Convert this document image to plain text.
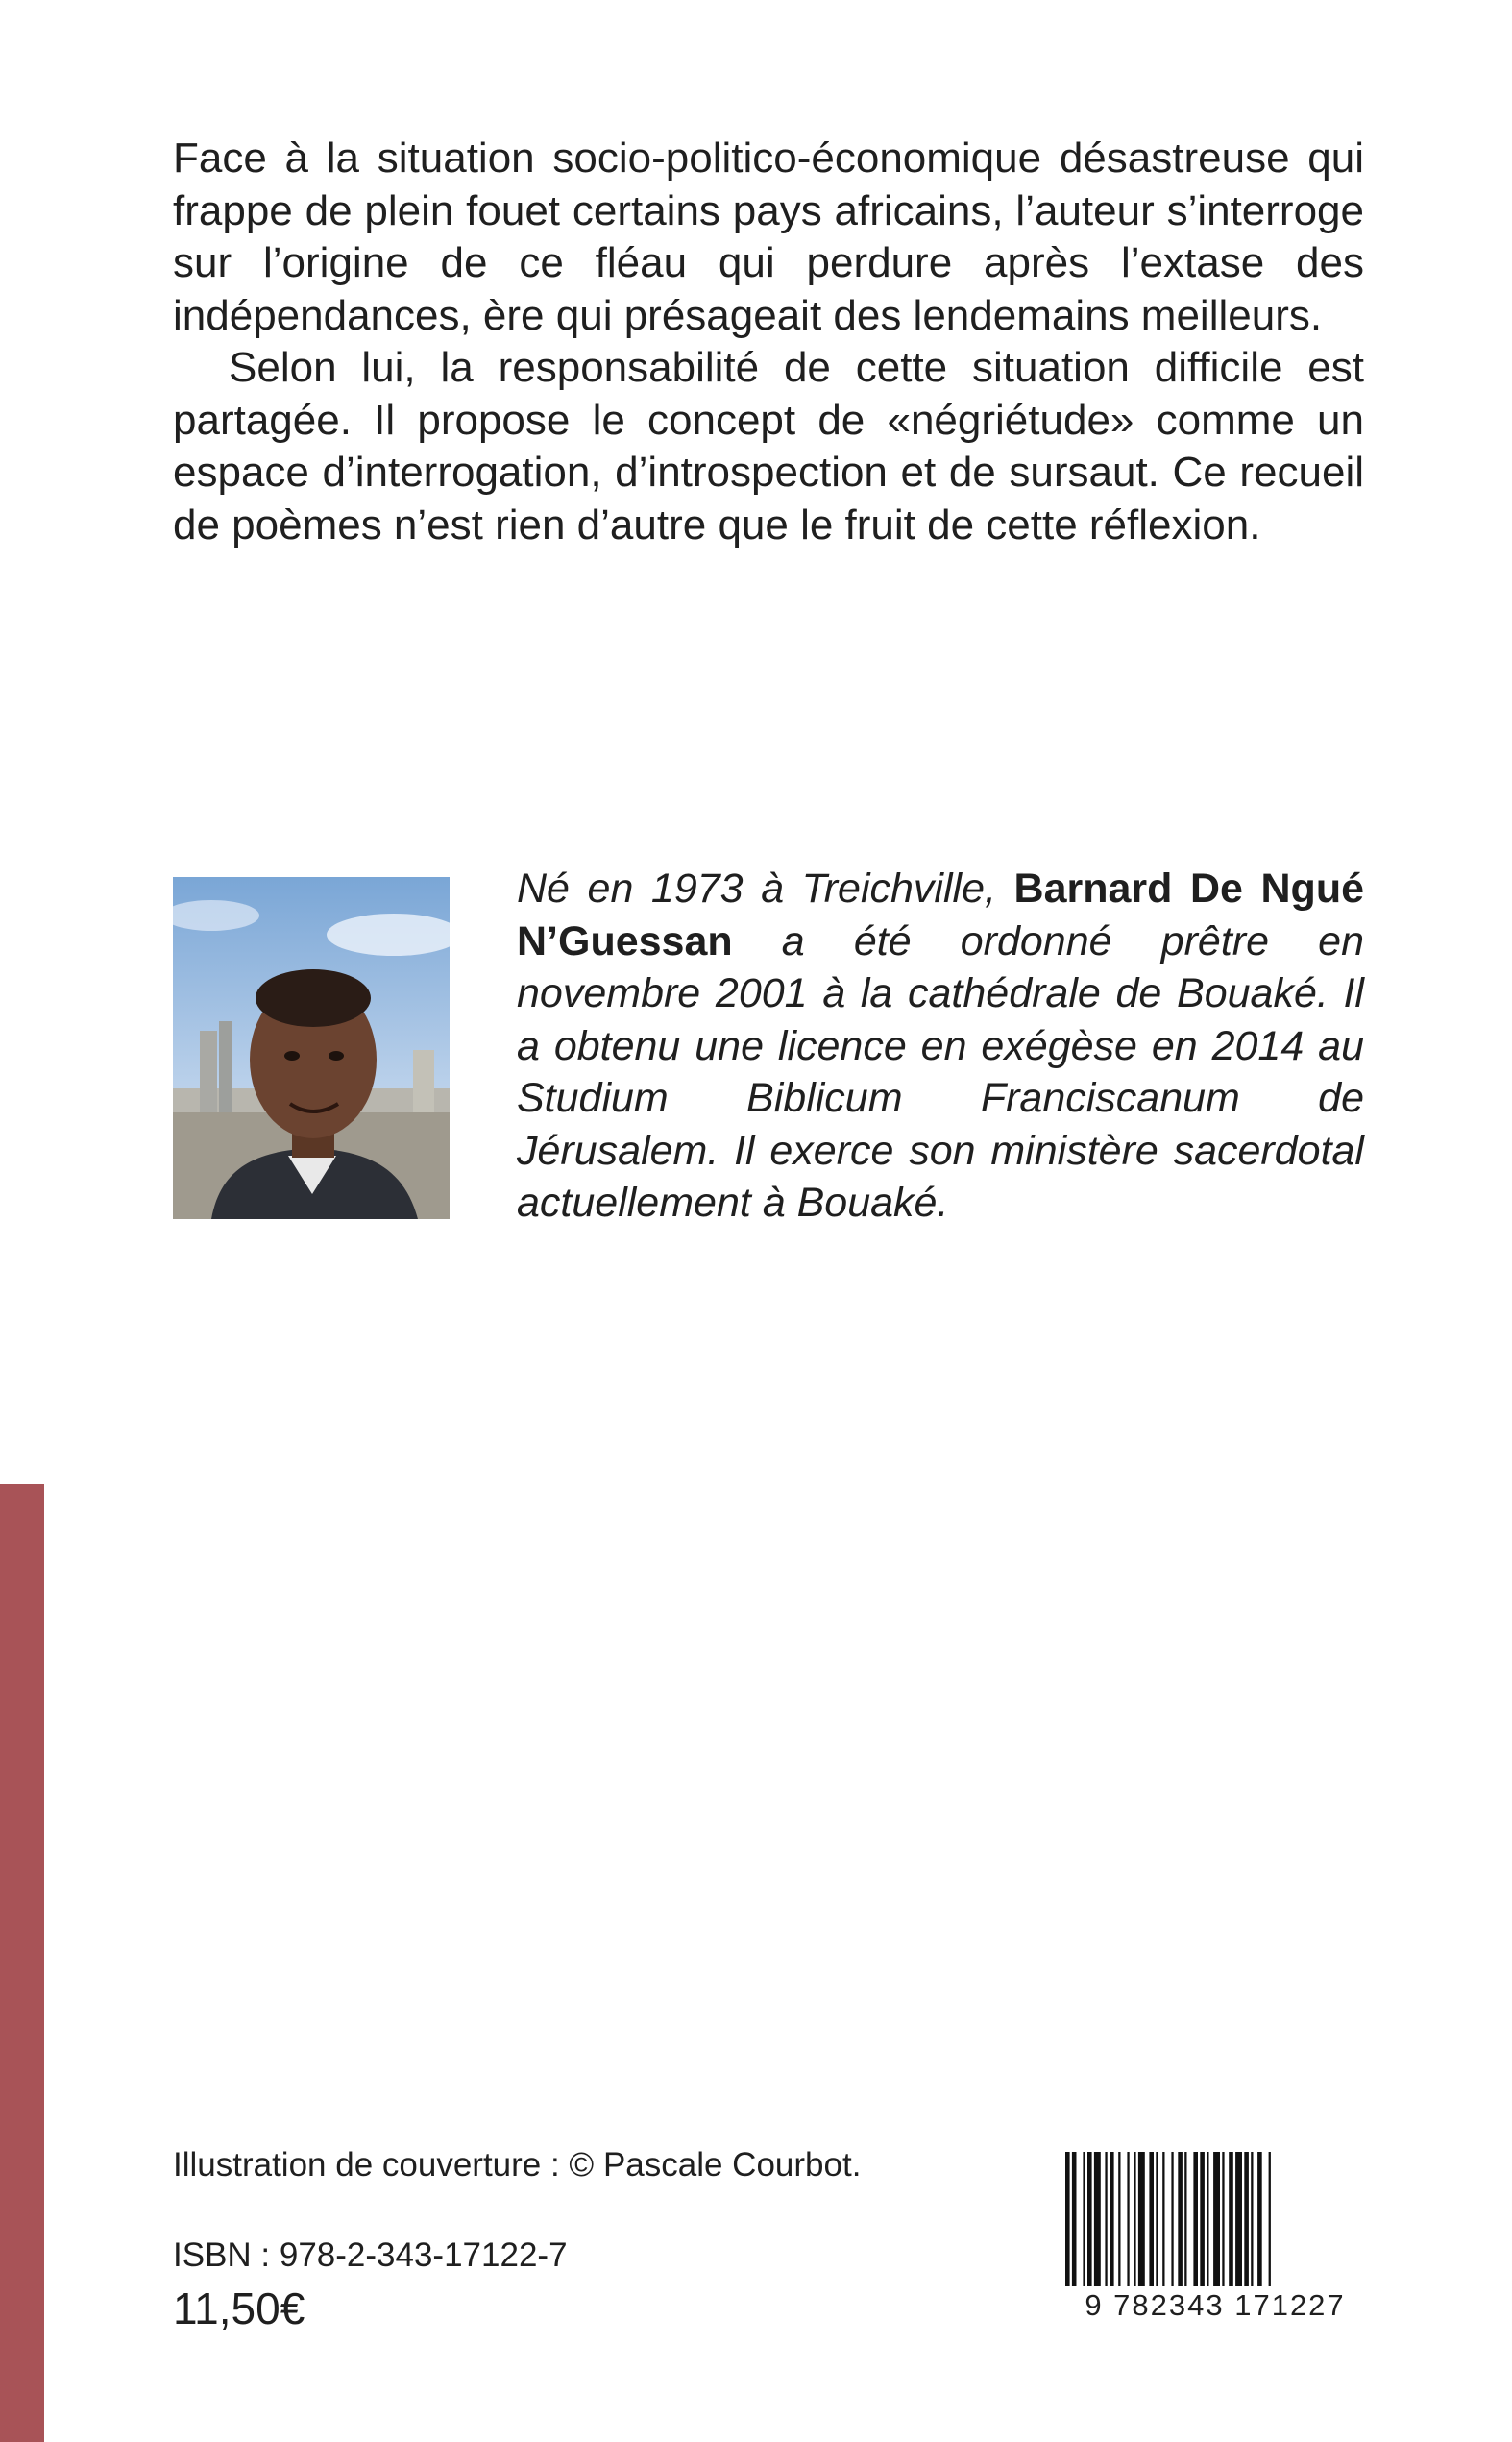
Face à la situation socio-politico-économique désastreuse qui frappe de plein fouet certains pays africains, l’auteur s’interroge sur l’origine de ce fléau qui perdure après l’extase des indépendances, ère qui présageait des lendemains meilleurs.

Selon lui, la responsabilité de cette situation difficile est partagée. Il propose le concept de «négriétude» comme un espace d’interrogation, d’introspection et de sursaut. Ce recueil de poèmes n’est rien d’autre que le fruit de cette réflexion.

Né en 1973 à Treichville, Barnard De Ngué N’Guessan a été ordonné prêtre en novembre 2001 à la cathédrale de Bouaké. Il a obtenu une licence en exégèse en 2014 au Studium Biblicum Franciscanum de Jérusalem. Il exerce son ministère sacerdotal actuellement à Bouaké.

Illustration de couverture : © Pascale Courbot.
ISBN : 978-2-343-17122-7
11,50€	9 782343 171227
